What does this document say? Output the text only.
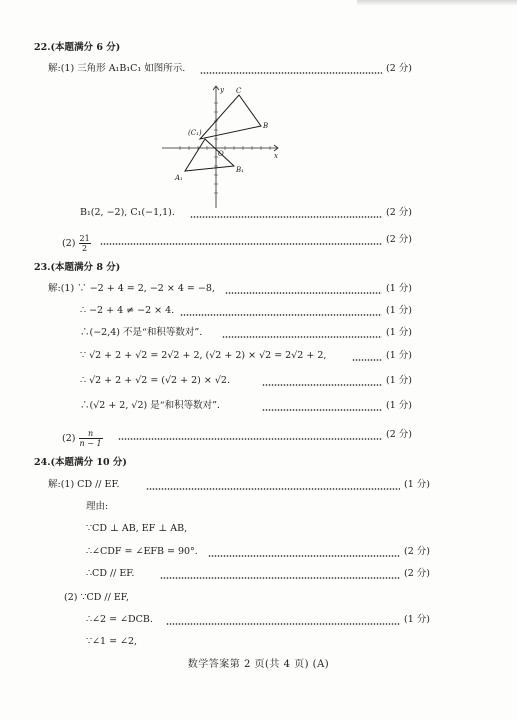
22.(本题满分 6 分)
解:(1) 三角形 A₁B₁C₁ 如图所示.	(2 分)
C
B
(C₁)
A₁
B₁
O	x
y
B₁(2, −2), C₁(−1,1).	(2 分)
$(2) \frac{21}{2}$	(2 分)
23.(本题满分 8 分)
解:(1) ∵ −2 + 4 = 2, −2 × 4 = −8,	(1 分)
∴ −2 + 4 ≠ −2 × 4.	(1 分)
∴(−2,4) 不是“和积等数对”.	(1 分)
∵ √2 + 2 + √2 = 2√2 + 2, (√2 + 2) × √2 = 2√2 + 2,	(1 分)
∴ √2 + 2 + √2 = (√2 + 2) × √2.	(1 分)
∴(√2 + 2, √2) 是“和积等数对”.	(1 分)
$(2) \frac{n}{n - 1}$	(2 分)
24.(本题满分 10 分)
解:(1) CD // EF.	(1 分)
理由:
∵CD ⊥ AB, EF ⊥ AB,
∴∠CDF = ∠EFB = 90°.	(2 分)
∴CD // EF.	(2 分)
(2) ∵CD // EF,
∴∠2 = ∠DCB.	(1 分)
∵∠1 = ∠2,
数学答案第 2 页(共 4 页) (A)
